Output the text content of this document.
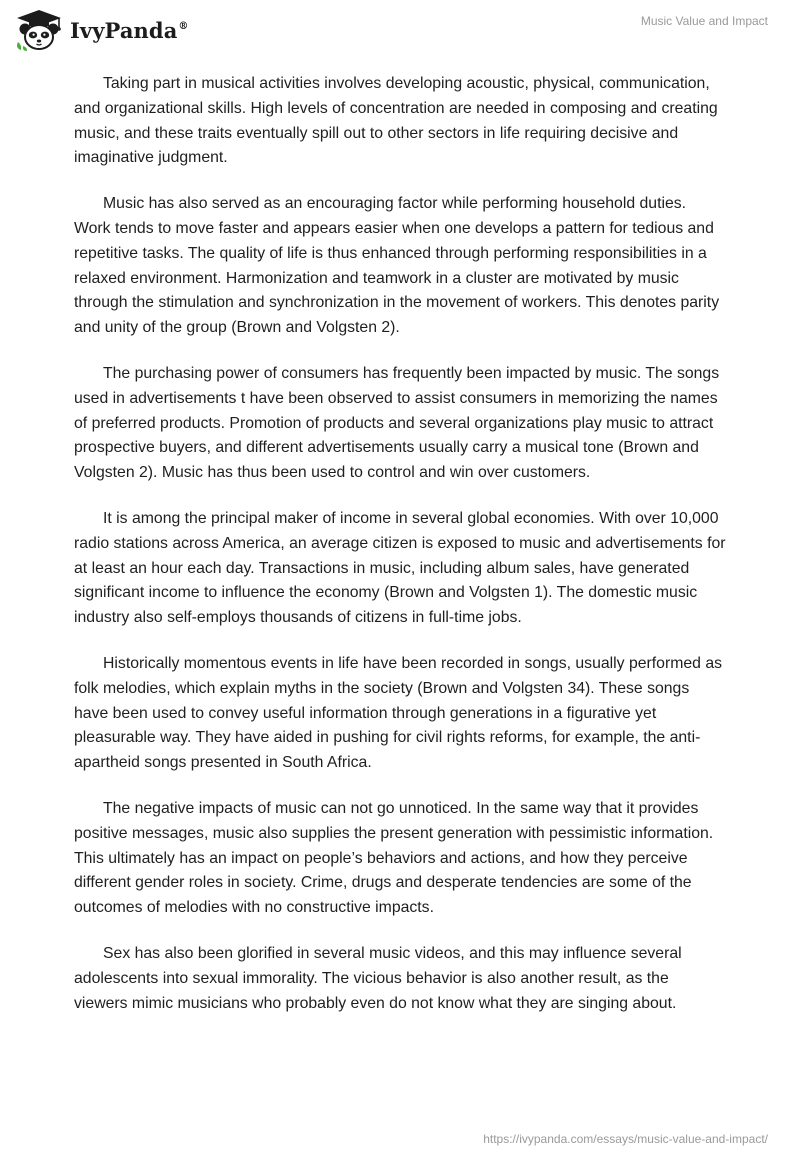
IvyPanda®	Music Value and Impact

Taking part in musical activities involves developing acoustic, physical, communication, and organizational skills. High levels of concentration are needed in composing and creating music, and these traits eventually spill out to other sectors in life requiring decisive and imaginative judgment.

Music has also served as an encouraging factor while performing household duties. Work tends to move faster and appears easier when one develops a pattern for tedious and repetitive tasks. The quality of life is thus enhanced through performing responsibilities in a relaxed environment. Harmonization and teamwork in a cluster are motivated by music through the stimulation and synchronization in the movement of workers. This denotes parity and unity of the group (Brown and Volgsten 2).

The purchasing power of consumers has frequently been impacted by music. The songs used in advertisements t have been observed to assist consumers in memorizing the names of preferred products. Promotion of products and several organizations play music to attract prospective buyers, and different advertisements usually carry a musical tone (Brown and Volgsten 2). Music has thus been used to control and win over customers.

It is among the principal maker of income in several global economies. With over 10,000 radio stations across America, an average citizen is exposed to music and advertisements for at least an hour each day. Transactions in music, including album sales, have generated significant income to influence the economy (Brown and Volgsten 1). The domestic music industry also self-employs thousands of citizens in full-time jobs.

Historically momentous events in life have been recorded in songs, usually performed as folk melodies, which explain myths in the society (Brown and Volgsten 34). These songs have been used to convey useful information through generations in a figurative yet pleasurable way. They have aided in pushing for civil rights reforms, for example, the anti-apartheid songs presented in South Africa.

The negative impacts of music can not go unnoticed. In the same way that it provides positive messages, music also supplies the present generation with pessimistic information. This ultimately has an impact on people’s behaviors and actions, and how they perceive different gender roles in society. Crime, drugs and desperate tendencies are some of the outcomes of melodies with no constructive impacts.

Sex has also been glorified in several music videos, and this may influence several adolescents into sexual immorality. The vicious behavior is also another result, as the viewers mimic musicians who probably even do not know what they are singing about.

https://ivypanda.com/essays/music-value-and-impact/
